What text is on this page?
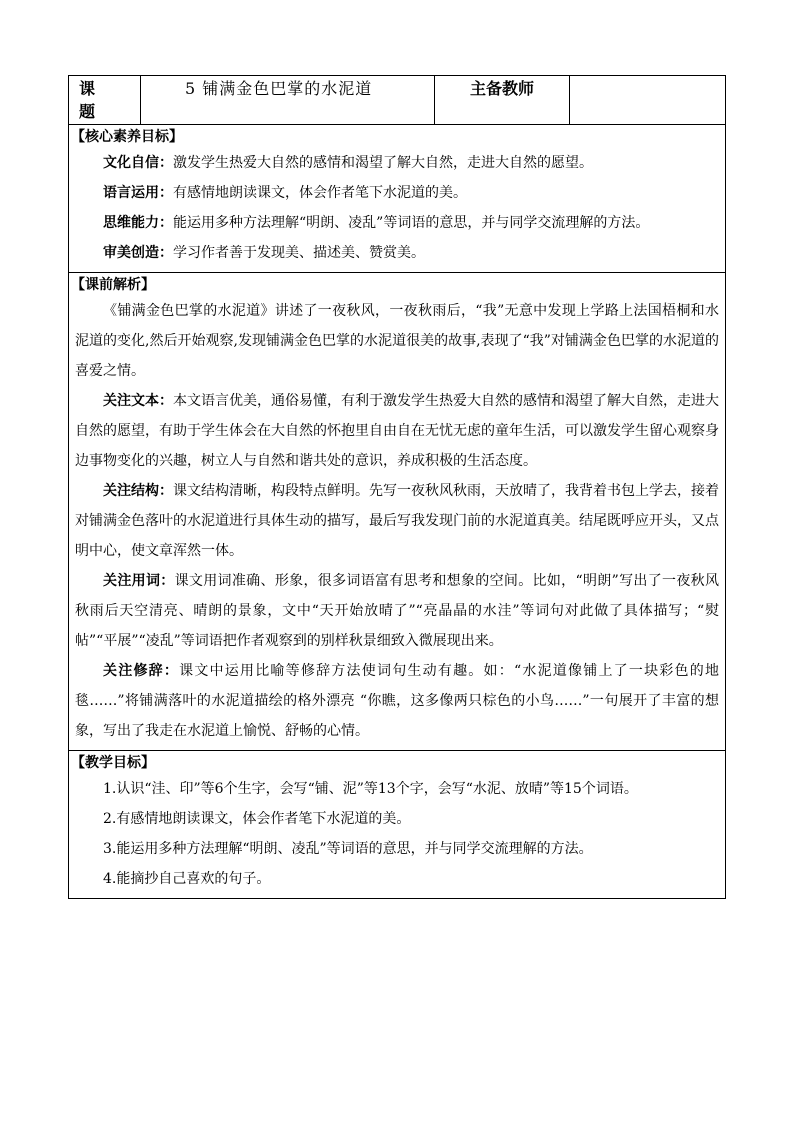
课　题	5 铺满金色巴掌的水泥道	主备教师	

【核心素养目标】

文化自信：激发学生热爱大自然的感情和渴望了解大自然，走进大自然的愿望。

语言运用：有感情地朗读课文，体会作者笔下水泥道的美。

思维能力：能运用多种方法理解“明朗、凌乱”等词语的意思，并与同学交流理解的方法。

审美创造：学习作者善于发现美、描述美、赞赏美。

【课前解析】

《铺满金色巴掌的水泥道》讲述了一夜秋风，一夜秋雨后，“我”无意中发现上学路上法国梧桐和水泥道的变化,然后开始观察,发现铺满金色巴掌的水泥道很美的故事,表现了“我”对铺满金色巴掌的水泥道的喜爱之情。

关注文本：本文语言优美，通俗易懂，有利于激发学生热爱大自然的感情和渴望了解大自然，走进大自然的愿望，有助于学生体会在大自然的怀抱里自由自在无忧无虑的童年生活，可以激发学生留心观察身边事物变化的兴趣，树立人与自然和谐共处的意识，养成积极的生活态度。

关注结构：课文结构清晰，构段特点鲜明。先写一夜秋风秋雨，天放晴了，我背着书包上学去，接着对铺满金色落叶的水泥道进行具体生动的描写，最后写我发现门前的水泥道真美。结尾既呼应开头，又点明中心，使文章浑然一体。

关注用词：课文用词准确、形象，很多词语富有思考和想象的空间。比如，“明朗”写出了一夜秋风秋雨后天空清亮、晴朗的景象，文中“天开始放晴了”“亮晶晶的水洼”等词句对此做了具体描写；“熨帖”“平展”“凌乱”等词语把作者观察到的别样秋景细致入微展现出来。

关注修辞：课文中运用比喻等修辞方法使词句生动有趣。如：“水泥道像铺上了一块彩色的地毯……”将铺满落叶的水泥道描绘的格外漂亮 “你瞧，这多像两只棕色的小鸟……”一句展开了丰富的想象，写出了我走在水泥道上愉悦、舒畅的心情。

【教学目标】

1.认识“洼、印”等6个生字，会写“铺、泥”等13个字，会写“水泥、放晴”等15个词语。

2.有感情地朗读课文，体会作者笔下水泥道的美。

3.能运用多种方法理解“明朗、凌乱”等词语的意思，并与同学交流理解的方法。

4.能摘抄自己喜欢的句子。
